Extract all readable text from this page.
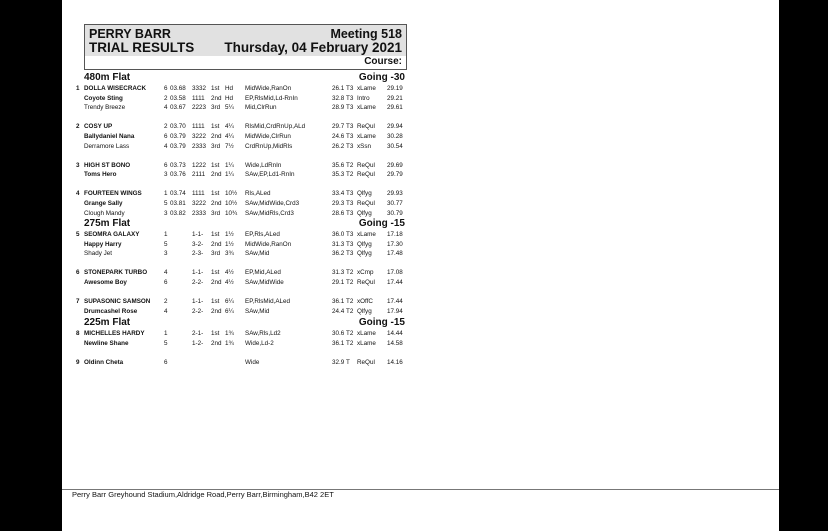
PERRY BARR	Meeting 518
TRIAL RESULTS Thursday, 04 February 2021
Course:
480m Flat	Going -30
1 DOLLA WISECRACK	6 03.68 3332 1st Hd MidWide,RanOn	26.1 T3 xLame 29.19
Coyote Sting	2 03.58 1111 2nd Hd EP,RlsMid,Ld-RnIn	32.8 T3 Intro	29.21
Trendy Breeze	4 03.67 2223 3rd 5¼ Mid,ClrRun	28.9 T3 xLame 29.61
2 COSY UP	2 03.70 1111 1st 4¼ RlsMid,CrdRnUp,ALd	29.7 T3 ReQul 29.94
Ballydaniel Nana	6 03.79 3222 2nd 4¼ MidWide,ClrRun	24.6 T3 xLame 30.28
Derramore Lass	4 03.79 2333 3rd 7½ CrdRnUp,MidRls	26.2 T3 xSsn	30.54
3 HIGH ST BONO	6 03.73 1222 1st 1¼ Wide,LdRnIn	35.6 T2 ReQul 29.69
Toms Hero	3 03.76 2111 2nd 1¼ SAw,EP,Ld1-RnIn	35.3 T2 ReQul 29.79
4 FOURTEEN WINGS	1 03.74 1111 1st 10½ Rls,ALed	33.4 T3 Qlfyg 29.93
Grange Sally	5 03.81 3222 2nd 10½ SAw,MidWide,Crd3	29.3 T3 ReQul 30.77
Clough Mandy	3 03.82 2333 3rd 10¾ SAw,MidRls,Crd3	28.6 T3 Qlfyg 30.79
275m Flat	Going -15
5 SEOMRA GALAXY	1	1-1- 1st 1½ EP,Rls,ALed	36.0 T3 xLame 17.18
Happy Harry	5	3-2- 2nd 1½ MidWide,RanOn	31.3 T3 Qlfyg 17.30
Shady Jet	3	2-3- 3rd 3¾ SAw,Mid	36.2 T3 Qlfyg 17.48
6 STONEPARK TURBO	4	1-1- 1st 4½ EP,Mid,ALed	31.3 T2 xCmp 17.08
Awesome Boy	6	2-2- 2nd 4½ SAw,MidWide	29.1 T2 ReQul 17.44
7 SUPASONIC SAMSON 2	1-1- 1st 6¼ EP,RlsMid,ALed	36.1 T2 xOffC 17.44
Drumcashel Rose	4	2-2- 2nd 6¼ SAw,Mid	24.4 T2 Qlfyg 17.94
225m Flat	Going -15
8 MICHELLES HARDY	1	2-1- 1st 1¾ SAw,Rls,Ld2	30.6 T2 xLame 14.44
Newline Shane	5	1-2- 2nd 1¾ Wide,Ld-2	36.1 T2 xLame 14.58
9 Oldinn Cheta	6	Wide	32.9 T ReQul 14.16
Perry Barr Greyhound Stadium,Aldridge Road,Perry Barr,Birmingham,B42 2ET
